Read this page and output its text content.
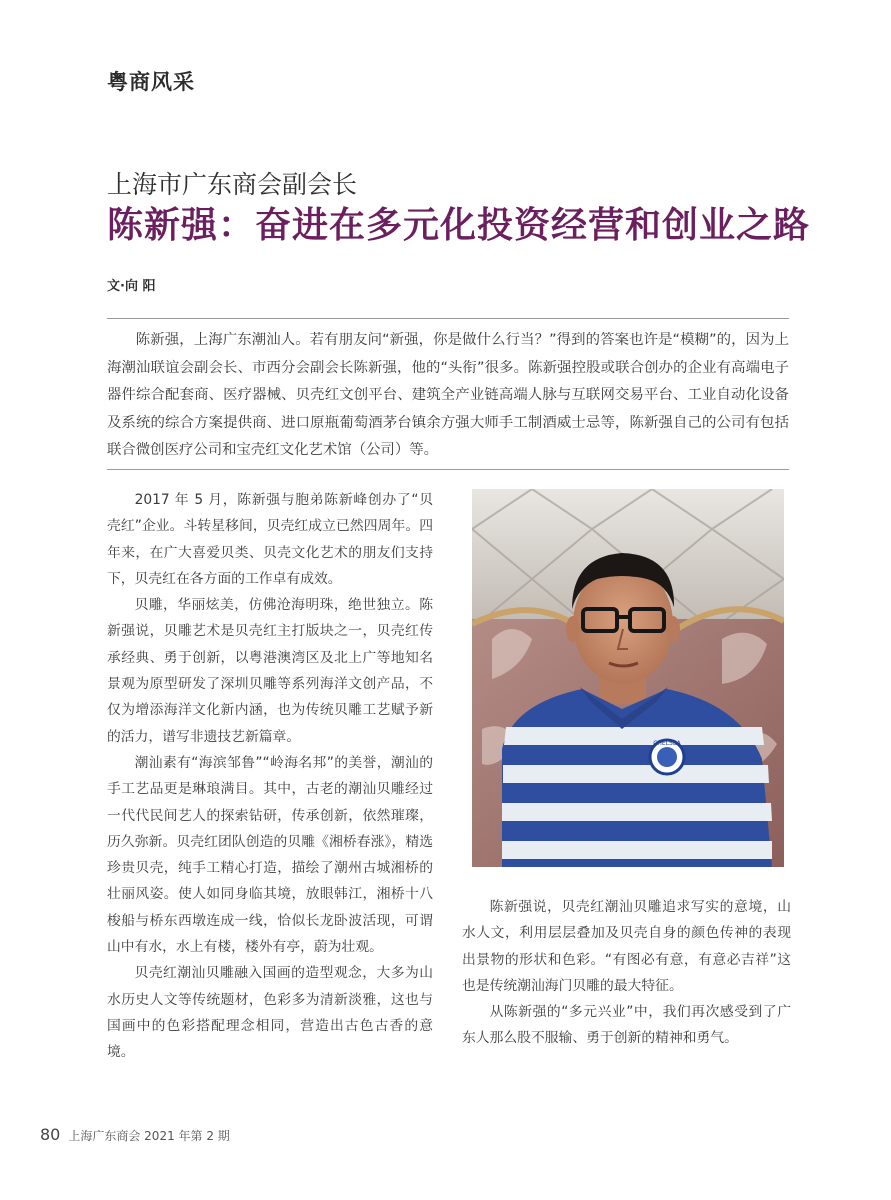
粤商风采
上海市广东商会副会长
陈新强：奋进在多元化投资经营和创业之路

文·向 阳

陈新强，上海广东潮汕人。若有朋友问“新强，你是做什么行当？”得到的答案也许是“模糊”的，因为上海潮汕联谊会副会长、市西分会副会长陈新强，他的“头衔”很多。陈新强控股或联合创办的企业有高端电子器件综合配套商、医疗器械、贝壳红文创平台、建筑全产业链高端人脉与互联网交易平台、工业自动化设备及系统的综合方案提供商、进口原瓶葡萄酒茅台镇余方强大师手工制酒威士忌等，陈新强自己的公司有包括联合微创医疗公司和宝壳红文化艺术馆（公司）等。

2017 年 5 月，陈新强与胞弟陈新峰创办了“贝壳红”企业。斗转星移间，贝壳红成立已然四周年。四年来，在广大喜爱贝类、贝壳文化艺术的朋友们支持下，贝壳红在各方面的工作卓有成效。

贝雕，华丽炫美，仿佛沧海明珠，绝世独立。陈新强说，贝雕艺术是贝壳红主打版块之一，贝壳红传承经典、勇于创新，以粤港澳湾区及北上广等地知名景观为原型研发了深圳贝雕等系列海洋文创产品，不仅为增添海洋文化新内涵，也为传统贝雕工艺赋予新的活力，谱写非遗技艺新篇章。

潮汕素有“海滨邹鲁”“岭海名邦”的美誉，潮汕的手工艺品更是琳琅满目。其中，古老的潮汕贝雕经过一代代民间艺人的探索钻研，传承创新，依然璀璨，历久弥新。贝壳红团队创造的贝雕《湘桥春涨》，精选珍贵贝壳，纯手工精心打造，描绘了潮州古城湘桥的壮丽风姿。使人如同身临其境，放眼韩江，湘桥十八梭船与桥东西墩连成一线，恰似长龙卧波活现，可谓山中有水，水上有楼，楼外有亭，蔚为壮观。

贝壳红潮汕贝雕融入国画的造型观念，大多为山水历史人文等传统题材，色彩多为清新淡雅，这也与国画中的色彩搭配理念相同，营造出古色古香的意境。

CHELSEA

陈新强说，贝壳红潮汕贝雕追求写实的意境，山水人文，利用层层叠加及贝壳自身的颜色传神的表现出景物的形状和色彩。“有图必有意，有意必吉祥”这也是传统潮汕海门贝雕的最大特征。

从陈新强的“多元兴业”中，我们再次感受到了广东人那么股不服输、勇于创新的精神和勇气。

80 上海广东商会 2021 年第 2 期
